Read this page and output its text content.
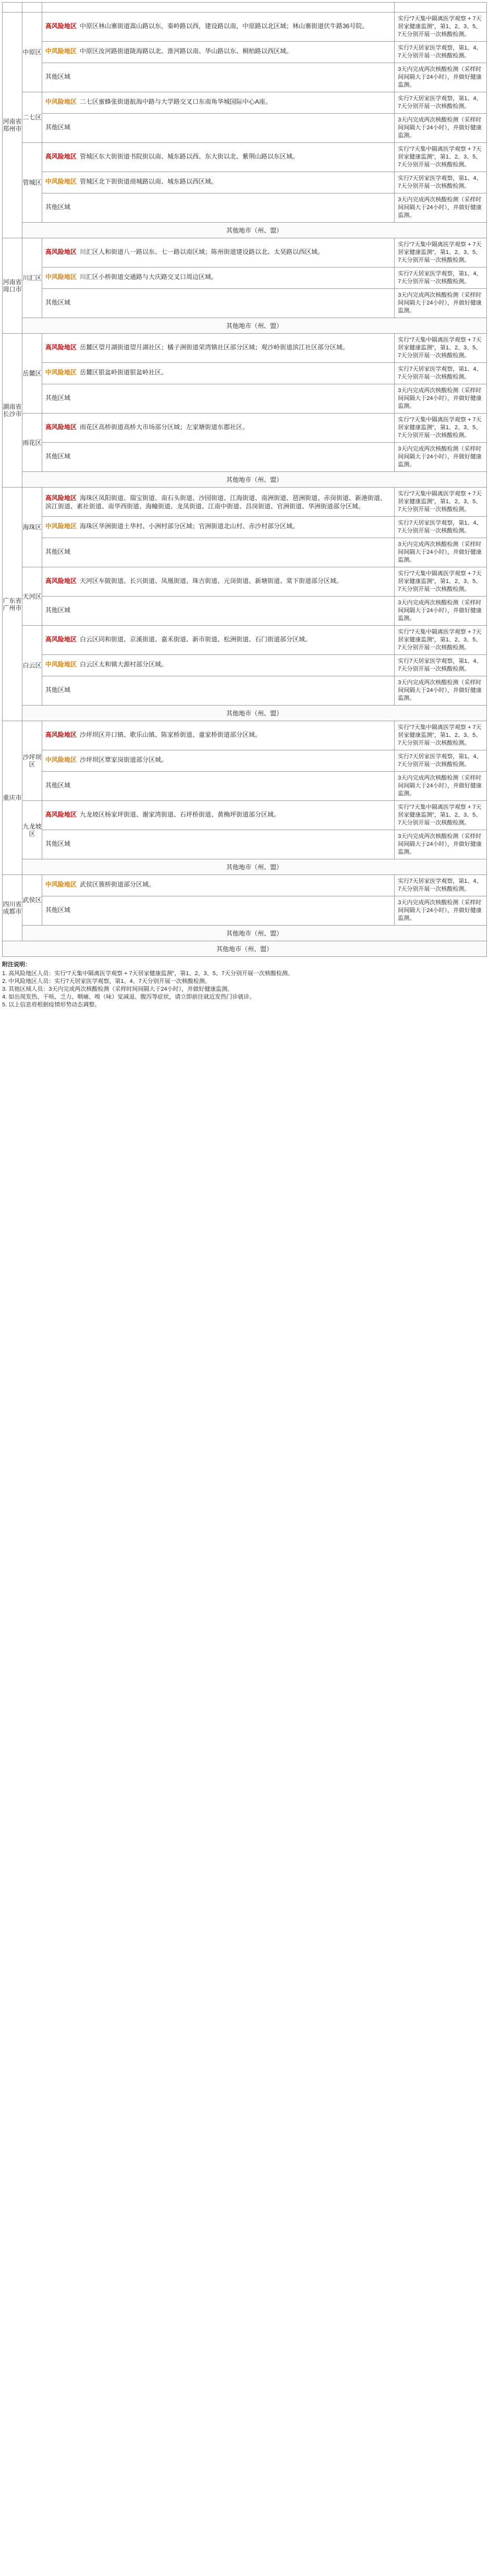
河南省郑州市	中原区	高风险地区 中原区林山寨街道嵩山路以东，秦岭路以西，建设路以南，中原路以北区域；林山寨街道伏牛路36号院。	实行“7天集中隔离医学观察 + 7天居家健康监测”，第1、2、3、5、7天分别开展一次核酸检测。

		中风险地区 中原区汝河路街道陇海路以北、淮河路以南、华山路以东、桐柏路以西区域。	实行7天居家医学观察，第1、4、7天分别开展一次核酸检测。

		其他区域	3天内完成两次核酸检测（采样时间间隔大于24小时），并做好健康监测。

	二七区	中风险地区 二七区蜜蜂张街道航海中路与大学路交叉口东南角华城国际中心A座。	实行7天居家医学观察，第1、4、7天分别开展一次核酸检测。

		其他区域	3天内完成两次核酸检测（采样时间间隔大于24小时），并做好健康监测。

	管城区	高风险地区 管城区东大街街道书院街以南、城东路以西、东大街以北、紫荆山路以东区域。	实行“7天集中隔离医学观察 + 7天居家健康监测”，第1、2、3、5、7天分别开展一次核酸检测。

		中风险地区 管城区北下街街道商城路以南、城东路以西区域。	实行7天居家医学观察，第1、4、7天分别开展一次核酸检测。

		其他区域	3天内完成两次核酸检测（采样时间间隔大于24小时），并做好健康监测。

	其他地市（州、盟）		
河南省周口市	川汇区	高风险地区 川汇区人和街道八一路以东、七一路以南区域；陈州街道建设路以北、太昊路以西区域。	实行“7天集中隔离医学观察 + 7天居家健康监测”，第1、2、3、5、7天分别开展一次核酸检测。

		中风险地区 川汇区小桥街道交通路与大庆路交叉口周边区域。	实行7天居家医学观察，第1、4、7天分别开展一次核酸检测。

		其他区域	3天内完成两次核酸检测（采样时间间隔大于24小时），并做好健康监测。

	其他地市（州、盟）		
湖南省长沙市	岳麓区	高风险地区 岳麓区望月湖街道望月湖社区；橘子洲街道荣湾镇社区部分区域；观沙岭街道滨江社区部分区域。	实行“7天集中隔离医学观察 + 7天居家健康监测”，第1、2、3、5、7天分别开展一次核酸检测。

		中风险地区 岳麓区银盆岭街道银盆岭社区。	实行7天居家医学观察，第1、4、7天分别开展一次核酸检测。

		其他区域	3天内完成两次核酸检测（采样时间间隔大于24小时），并做好健康监测。

	雨花区	高风险地区 雨花区高桥街道高桥大市场部分区域；左家塘街道东郡社区。	实行“7天集中隔离医学观察 + 7天居家健康监测”，第1、2、3、5、7天分别开展一次核酸检测。

		其他区域	3天内完成两次核酸检测（采样时间间隔大于24小时），并做好健康监测。

	其他地市（州、盟）		
广东省广州市	海珠区	高风险地区 海珠区凤阳街道、瑞宝街道、南石头街道、沙园街道、江海街道、南洲街道、琶洲街道、赤岗街道、新港街道、滨江街道、素社街道、南华西街道、海幢街道、龙凤街道、江南中街道、昌岗街道、官洲街道、华洲街道部分区域。	实行“7天集中隔离医学观察 + 7天居家健康监测”，第1、2、3、5、7天分别开展一次核酸检测。

		中风险地区 海珠区华洲街道土华村、小洲村部分区域；官洲街道北山村、赤沙村部分区域。	实行7天居家医学观察，第1、4、7天分别开展一次核酸检测。

		其他区域	3天内完成两次核酸检测（采样时间间隔大于24小时），并做好健康监测。

	天河区	高风险地区 天河区车陂街道、长兴街道、凤凰街道、珠吉街道、元岗街道、新塘街道、棠下街道部分区域。	实行“7天集中隔离医学观察 + 7天居家健康监测”，第1、2、3、5、7天分别开展一次核酸检测。

		其他区域	3天内完成两次核酸检测（采样时间间隔大于24小时），并做好健康监测。

	白云区	高风险地区 白云区同和街道、京溪街道、嘉禾街道、新市街道、松洲街道、石门街道部分区域。	实行“7天集中隔离医学观察 + 7天居家健康监测”，第1、2、3、5、7天分别开展一次核酸检测。

		中风险地区 白云区太和镇大源村部分区域。	实行7天居家医学观察，第1、4、7天分别开展一次核酸检测。

		其他区域	3天内完成两次核酸检测（采样时间间隔大于24小时），并做好健康监测。

	其他地市（州、盟）		
重庆市	沙坪坝区	高风险地区 沙坪坝区井口镇、歌乐山镇、陈家桥街道、童家桥街道部分区域。	实行“7天集中隔离医学观察 + 7天居家健康监测”，第1、2、3、5、7天分别开展一次核酸检测。

		中风险地区 沙坪坝区覃家岗街道部分区域。	实行7天居家医学观察，第1、4、7天分别开展一次核酸检测。

		其他区域	3天内完成两次核酸检测（采样时间间隔大于24小时），并做好健康监测。

	九龙坡区	高风险地区 九龙坡区杨家坪街道、谢家湾街道、石坪桥街道、黄桷坪街道部分区域。	实行“7天集中隔离医学观察 + 7天居家健康监测”，第1、2、3、5、7天分别开展一次核酸检测。

		其他区域	3天内完成两次核酸检测（采样时间间隔大于24小时），并做好健康监测。

	其他地市（州、盟）		
四川省成都市	武侯区	中风险地区 武侯区簇桥街道部分区域。	实行7天居家医学观察，第1、4、7天分别开展一次核酸检测。

		其他区域	3天内完成两次核酸检测（采样时间间隔大于24小时），并做好健康监测。

	其他地市（州、盟）		
其他地市（州、盟）			
附注说明：
1. 高风险地区人员：实行“7天集中隔离医学观察 + 7天居家健康监测”，第1、2、3、5、7天分别开展一次核酸检测。
2. 中风险地区人员：实行7天居家医学观察，第1、4、7天分别开展一次核酸检测。
3. 其他区域人员：3天内完成两次核酸检测（采样时间间隔大于24小时），并做好健康监测。
4. 如出现发热、干咳、乏力、咽痛、嗅（味）觉减退、腹泻等症状，请立即前往就近发热门诊就诊。
5. 以上信息将根据疫情形势动态调整。
